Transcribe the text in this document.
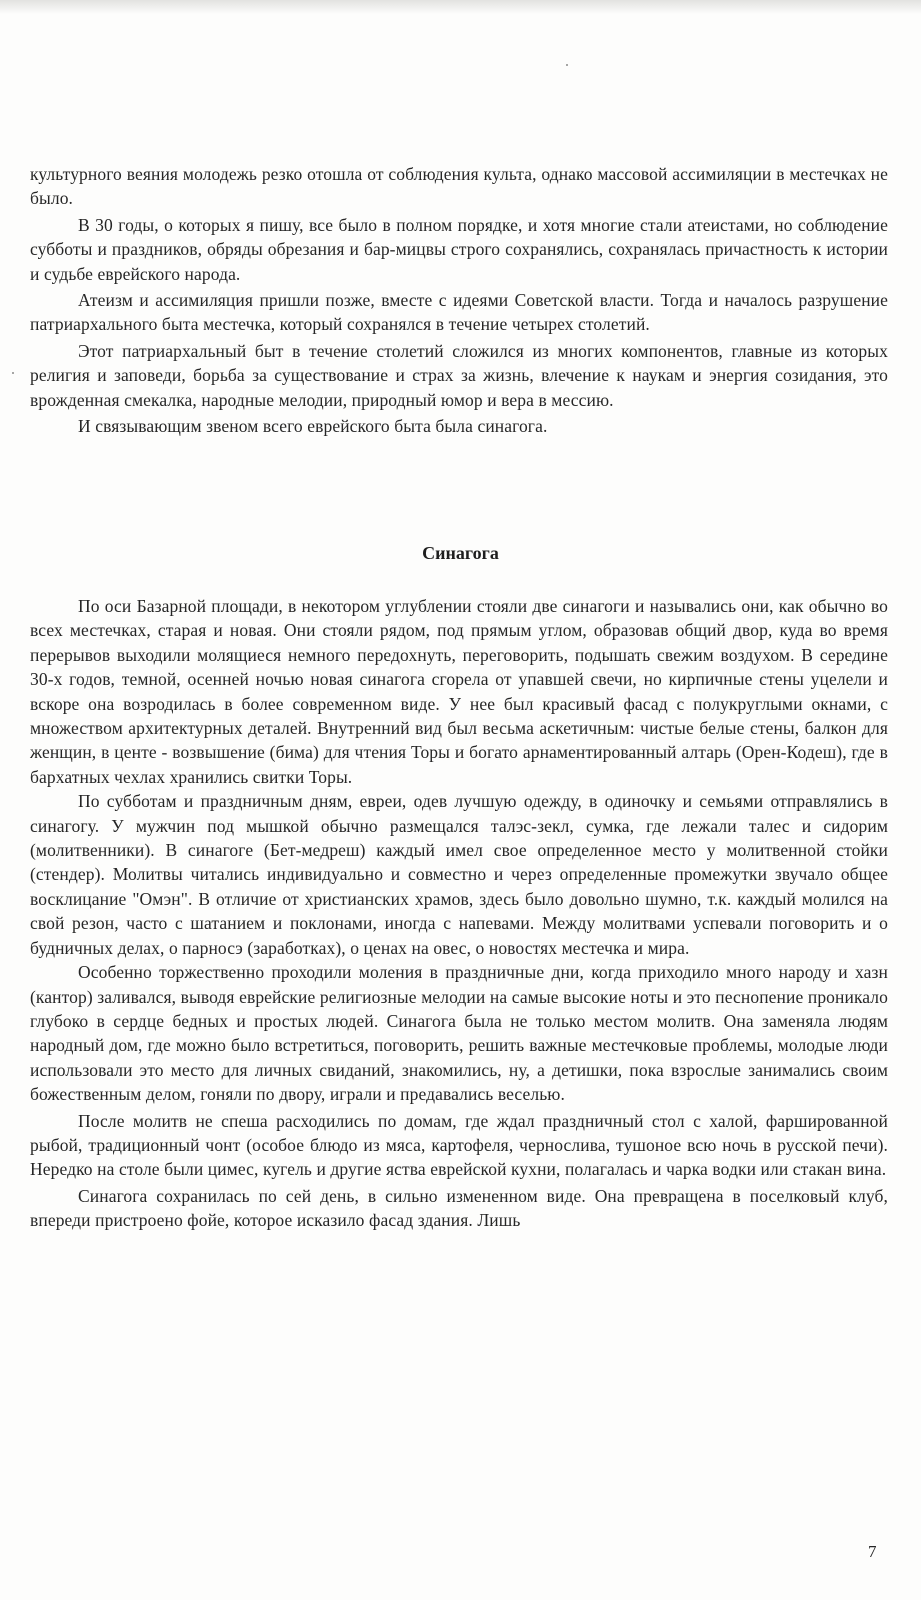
культурного веяния молодежь резко отошла от соблюдения культа, однако массовой ассимиляции в местечках не было.

В 30 годы, о которых я пишу, все было в полном порядке, и хотя многие стали атеистами, но соблюдение субботы и праздников, обряды обрезания и бар-мицвы строго сохранялись, сохранялась причастность к истории и судьбе еврейского народа.

Атеизм и ассимиляция пришли позже, вместе с идеями Советской власти. Тогда и началось разрушение патриархального быта местечка, который сохранялся в течение четырех столетий.

Этот патриархальный быт в течение столетий сложился из многих компонентов, главные из которых религия и заповеди, борьба за существование и страх за жизнь, влечение к наукам и энергия созидания, это врожденная смекалка, народные мелодии, природный юмор и вера в мессию.

И связывающим звеном всего еврейского быта была синагога.

Синагога

По оси Базарной площади, в некотором углублении стояли две синагоги и назывались они, как обычно во всех местечках, старая и новая. Они стояли рядом, под прямым углом, образовав общий двор, куда во время перерывов выходили молящиеся немного передохнуть, переговорить, подышать свежим воздухом. В середине 30-х годов, темной, осенней ночью новая синагога сгорела от упавшей свечи, но кирпичные стены уцелели и вскоре она возродилась в более современном виде. У нее был красивый фасад с полукруглыми окнами, с множеством архитектурных деталей. Внутренний вид был весьма аскетичным: чистые белые стены, балкон для женщин, в центе - возвышение (бима) для чтения Торы и богато арнаментированный алтарь (Орен-Кодеш), где в бархатных чехлах хранились свитки Торы.

По субботам и праздничным дням, евреи, одев лучшую одежду, в одиночку и семьями отправлялись в синагогу. У мужчин под мышкой обычно размещался талэс-зекл, сумка, где лежали талес и сидорим (молитвенники). В синагоге (Бет-медреш) каждый имел свое определенное место у молитвенной стойки (стендер). Молитвы читались индивидуально и совместно и через определенные промежутки звучало общее восклицание "Омэн". В отличие от христианских храмов, здесь было довольно шумно, т.к. каждый молился на свой резон, часто с шатанием и поклонами, иногда с напевами. Между молитвами успевали поговорить и о будничных делах, о парносэ (заработках), о ценах на овес, о новостях местечка и мира.

Особенно торжественно проходили моления в праздничные дни, когда приходило много народу и хазн (кантор) заливался, выводя еврейские религиозные мелодии на самые высокие ноты и это песнопение проникало глубоко в сердце бедных и простых людей. Синагога была не только местом молитв. Она заменяла людям народный дом, где можно было встретиться, поговорить, решить важные местечковые проблемы, молодые люди использовали это место для личных свиданий, знакомились, ну, а детишки, пока взрослые занимались своим божественным делом, гоняли по двору, играли и предавались веселью.

После молитв не спеша расходились по домам, где ждал праздничный стол с халой, фаршированной рыбой, традиционный чонт (особое блюдо из мяса, картофеля, чернослива, тушоное всю ночь в русской печи). Нередко на столе были цимес, кугель и другие яства еврейской кухни, полагалась и чарка водки или стакан вина.

Синагога сохранилась по сей день, в сильно измененном виде. Она превращена в поселковый клуб, впереди пристроено фойе, которое исказило фасад здания. Лишь

7
